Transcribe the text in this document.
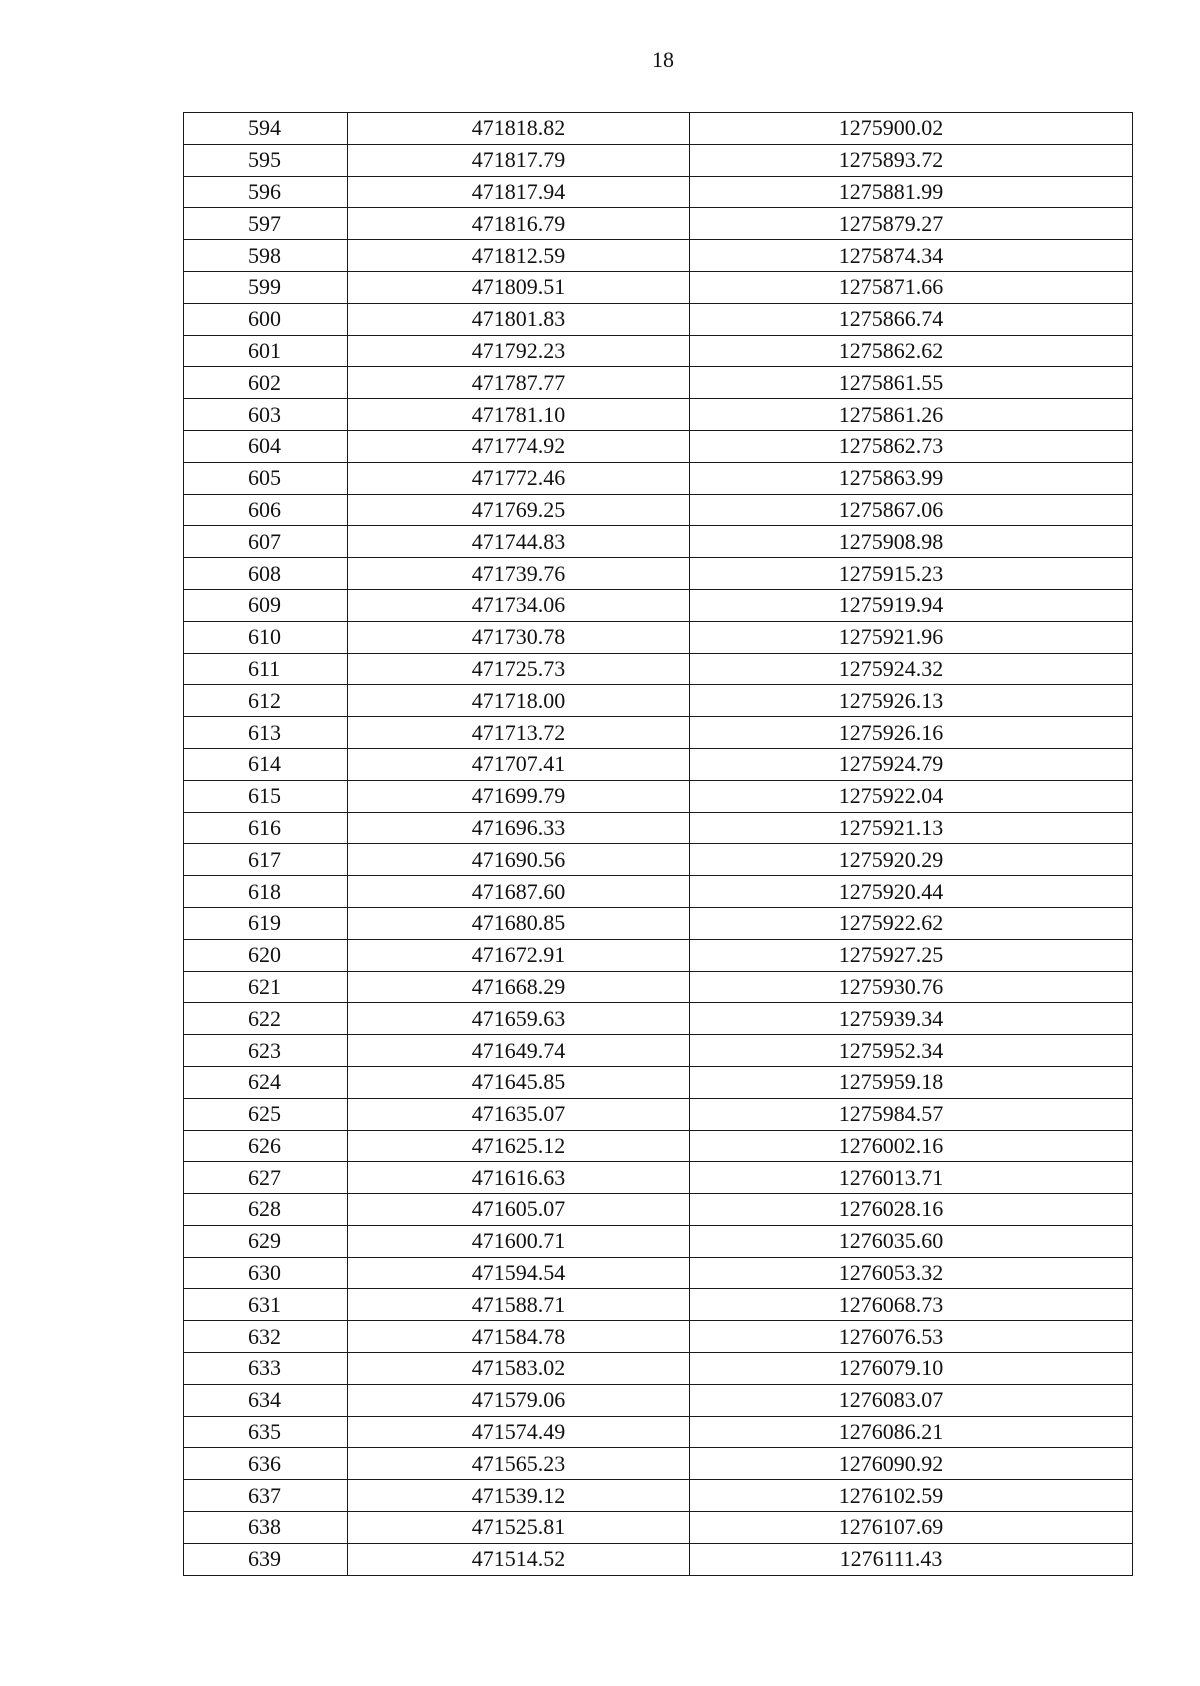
18
594	471818.82	1275900.02
595	471817.79	1275893.72
596	471817.94	1275881.99
597	471816.79	1275879.27
598	471812.59	1275874.34
599	471809.51	1275871.66
600	471801.83	1275866.74
601	471792.23	1275862.62
602	471787.77	1275861.55
603	471781.10	1275861.26
604	471774.92	1275862.73
605	471772.46	1275863.99
606	471769.25	1275867.06
607	471744.83	1275908.98
608	471739.76	1275915.23
609	471734.06	1275919.94
610	471730.78	1275921.96
611	471725.73	1275924.32
612	471718.00	1275926.13
613	471713.72	1275926.16
614	471707.41	1275924.79
615	471699.79	1275922.04
616	471696.33	1275921.13
617	471690.56	1275920.29
618	471687.60	1275920.44
619	471680.85	1275922.62
620	471672.91	1275927.25
621	471668.29	1275930.76
622	471659.63	1275939.34
623	471649.74	1275952.34
624	471645.85	1275959.18
625	471635.07	1275984.57
626	471625.12	1276002.16
627	471616.63	1276013.71
628	471605.07	1276028.16
629	471600.71	1276035.60
630	471594.54	1276053.32
631	471588.71	1276068.73
632	471584.78	1276076.53
633	471583.02	1276079.10
634	471579.06	1276083.07
635	471574.49	1276086.21
636	471565.23	1276090.92
637	471539.12	1276102.59
638	471525.81	1276107.69
639	471514.52	1276111.43
